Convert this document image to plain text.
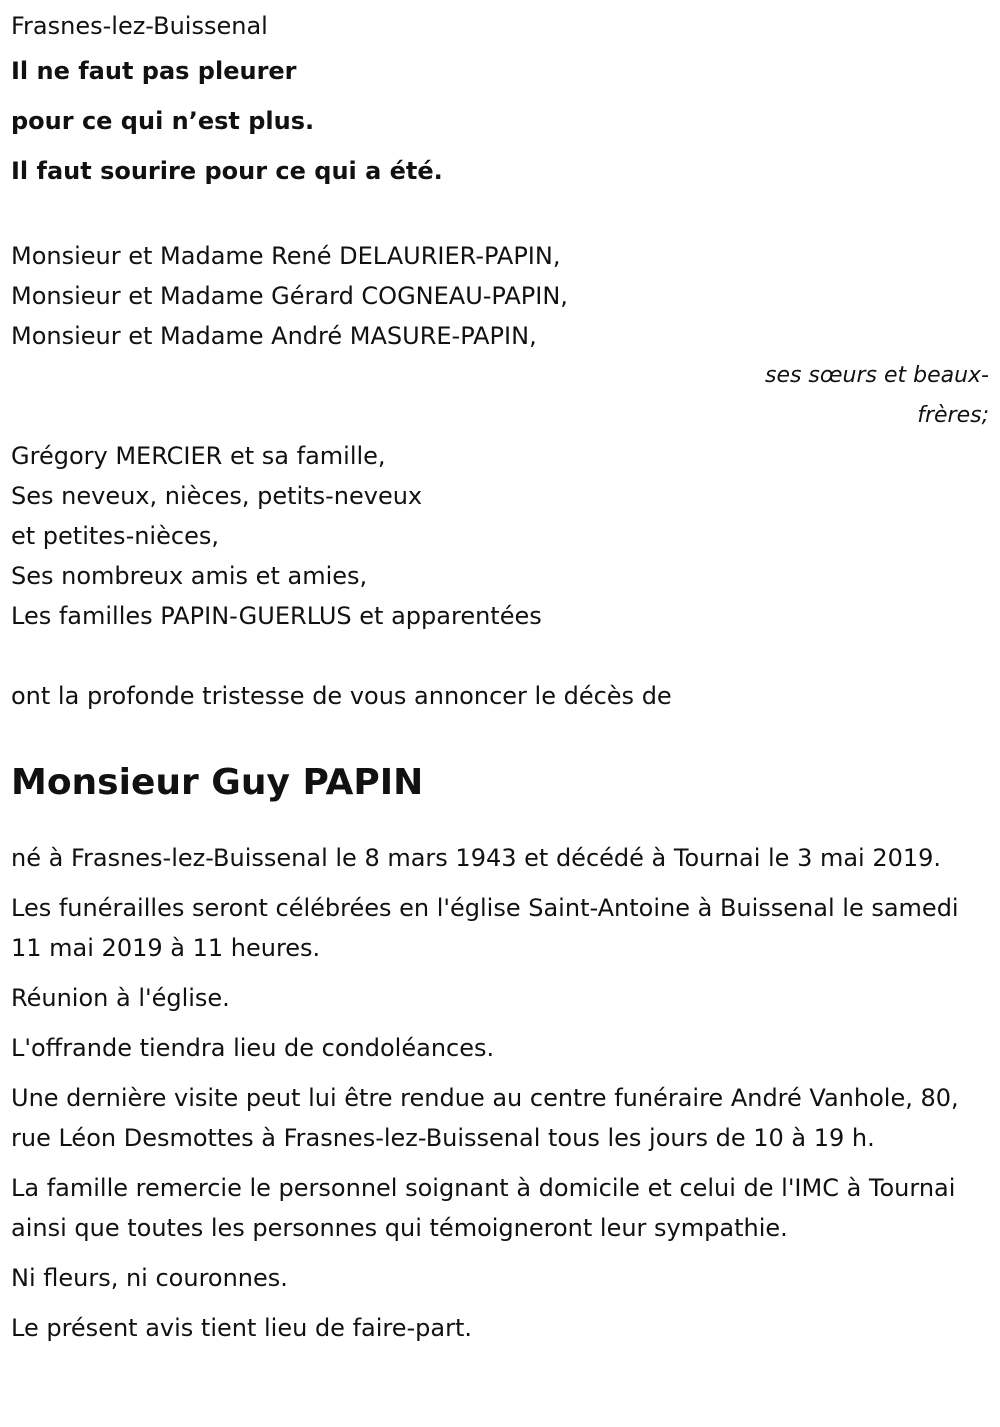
Frasnes-lez-Buissenal
Il ne faut pas pleurer
pour ce qui n’est plus.
Il faut sourire pour ce qui a été.
Monsieur et Madame René DELAURIER-PAPIN,
Monsieur et Madame Gérard COGNEAU-PAPIN,
Monsieur et Madame André MASURE-PAPIN,
ses sœurs et beaux-
frères;
Grégory MERCIER et sa famille,
Ses neveux, nièces, petits-neveux
et petites-nièces,
Ses nombreux amis et amies,
Les familles PAPIN-GUERLUS et apparentées
ont la profonde tristesse de vous annoncer le décès de
Monsieur Guy PAPIN

né à Frasnes-lez-Buissenal le 8 mars 1943 et décédé à Tournai le 3 mai 2019.

Les funérailles seront célébrées en l'église Saint-Antoine à Buissenal le samedi 11 mai 2019 à 11 heures.

Réunion à l'église.

L'offrande tiendra lieu de condoléances.

Une dernière visite peut lui être rendue au centre funéraire André Vanhole, 80, rue Léon Desmottes à Frasnes-lez-Buissenal tous les jours de 10 à 19 h.

La famille remercie le personnel soignant à domicile et celui de l'IMC à Tournai ainsi que toutes les personnes qui témoigneront leur sympathie.

Ni fleurs, ni couronnes.

Le présent avis tient lieu de faire-part.
